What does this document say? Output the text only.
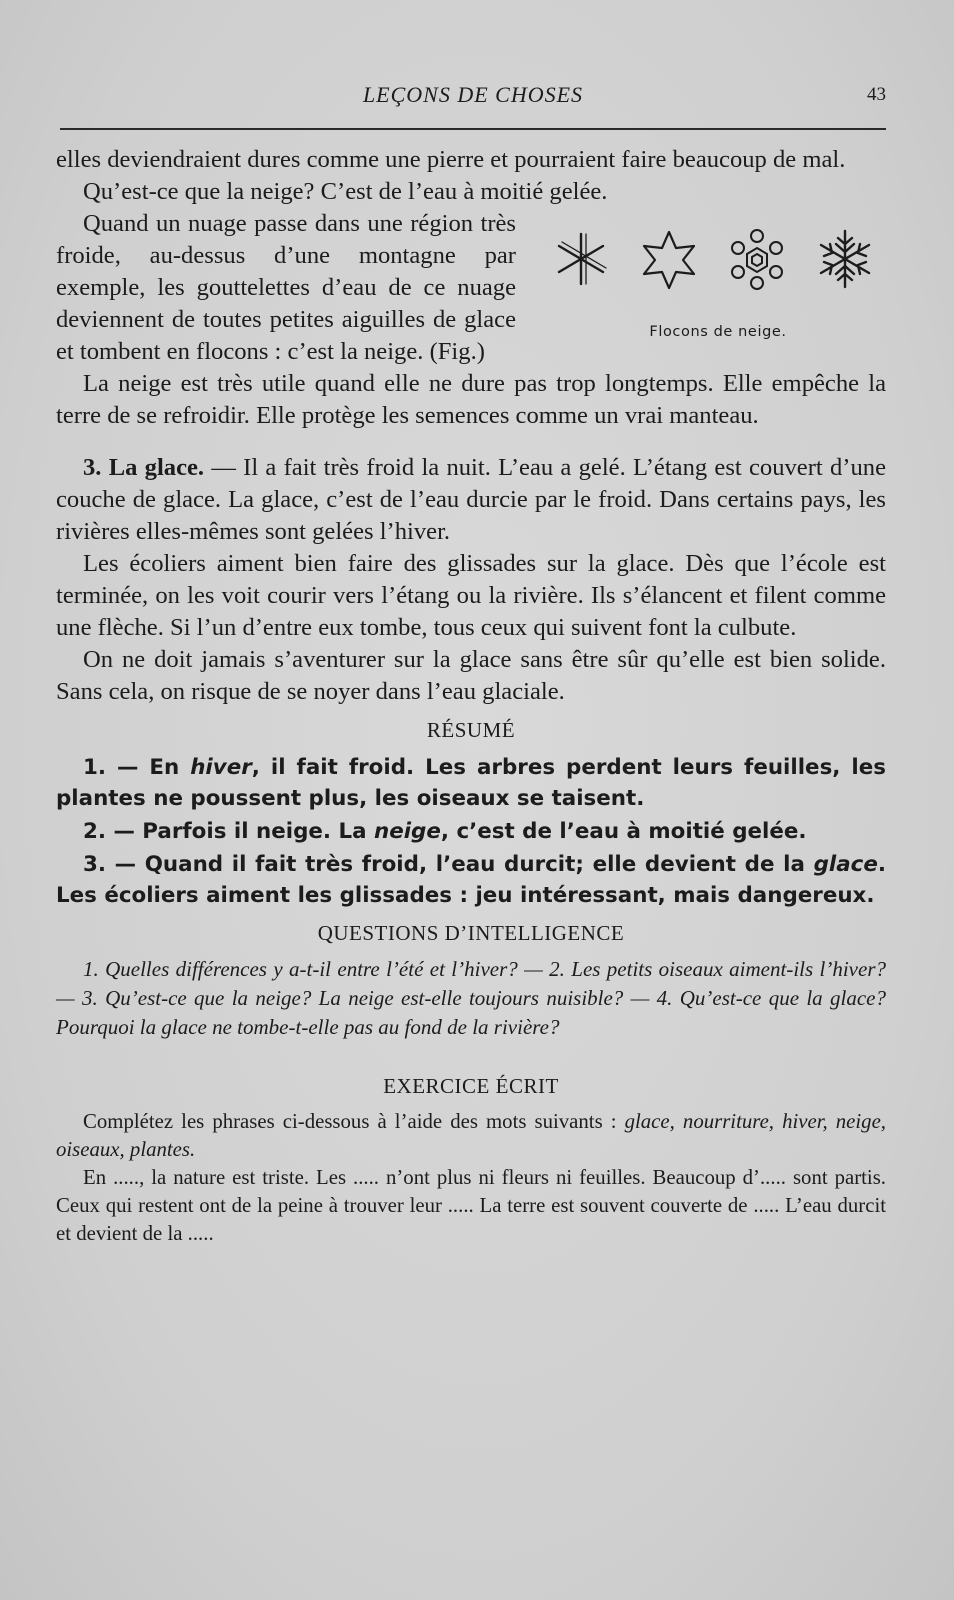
LEÇONS DE CHOSES	43

elles deviendraient dures comme une pierre et pourraient faire beaucoup de mal.

Qu’est-ce que la neige? C’est de l’eau à moitié gelée.

Flocons de neige.

Quand un nuage passe dans une région très froide, au-dessus d’une montagne par exemple, les gouttelettes d’eau de ce nuage deviennent de toutes petites aiguilles de glace et tombent en flocons : c’est la neige. (Fig.)

La neige est très utile quand elle ne dure pas trop longtemps. Elle empêche la terre de se refroidir. Elle protège les semences comme un vrai manteau.

3. La glace. — Il a fait très froid la nuit. L’eau a gelé. L’étang est couvert d’une couche de glace. La glace, c’est de l’eau durcie par le froid. Dans certains pays, les rivières elles-mêmes sont gelées l’hiver.

Les écoliers aiment bien faire des glissades sur la glace. Dès que l’école est terminée, on les voit courir vers l’étang ou la rivière. Ils s’élancent et filent comme une flèche. Si l’un d’entre eux tombe, tous ceux qui suivent font la culbute.

On ne doit jamais s’aventurer sur la glace sans être sûr qu’elle est bien solide. Sans cela, on risque de se noyer dans l’eau glaciale.

RÉSUMÉ

1. — En hiver, il fait froid. Les arbres perdent leurs feuilles, les plantes ne poussent plus, les oiseaux se taisent.

2. — Parfois il neige. La neige, c’est de l’eau à moitié gelée.

3. — Quand il fait très froid, l’eau durcit; elle devient de la glace. Les écoliers aiment les glissades : jeu intéressant, mais dangereux.

QUESTIONS D’INTELLIGENCE

1. Quelles différences y a-t-il entre l’été et l’hiver? — 2. Les petits oiseaux aiment-ils l’hiver? — 3. Qu’est-ce que la neige? La neige est-elle toujours nuisible? — 4. Qu’est-ce que la glace? Pourquoi la glace ne tombe-t-elle pas au fond de la rivière?

EXERCICE ÉCRIT

Complétez les phrases ci-dessous à l’aide des mots suivants : glace, nourriture, hiver, neige, oiseaux, plantes.

En ....., la nature est triste. Les ..... n’ont plus ni fleurs ni feuilles. Beaucoup d’..... sont partis. Ceux qui restent ont de la peine à trouver leur ..... La terre est souvent couverte de ..... L’eau durcit et devient de la .....
